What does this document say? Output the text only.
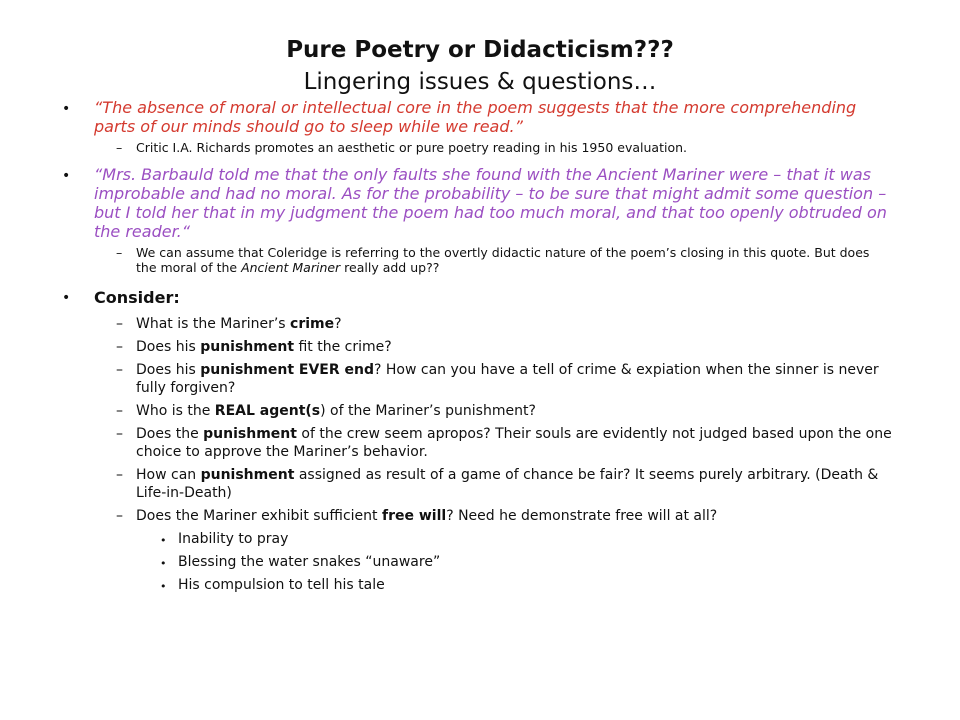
Pure Poetry or Didacticism???
Lingering issues & questions…
• “The absence of moral or intellectual core in the poem suggests that the more comprehending parts of our minds should go to sleep while we read.”
– Critic I.A. Richards promotes an aesthetic or pure poetry reading in his 1950 evaluation.
• “Mrs. Barbauld told me that the only faults she found with the Ancient Mariner were – that it was improbable and had no moral. As for the probability – to be sure that might admit some question – but I told her that in my judgment the poem had too much moral, and that too openly obtruded on the reader.“
– We can assume that Coleridge is referring to the overtly didactic nature of the poem’s closing in this quote. But does the moral of the Ancient Mariner really add up??
• Consider:
– What is the Mariner’s crime?
– Does his punishment fit the crime?
– Does his punishment EVER end? How can you have a tell of crime & expiation when the sinner is never fully forgiven?
– Who is the REAL agent(s) of the Mariner’s punishment?
– Does the punishment of the crew seem apropos? Their souls are evidently not judged based upon the one choice to approve the Mariner’s behavior.
– How can punishment assigned as result of a game of chance be fair? It seems purely arbitrary. (Death & Life-in-Death)
– Does the Mariner exhibit sufficient free will? Need he demonstrate free will at all?
• Inability to pray
• Blessing the water snakes “unaware”
• His compulsion to tell his tale
